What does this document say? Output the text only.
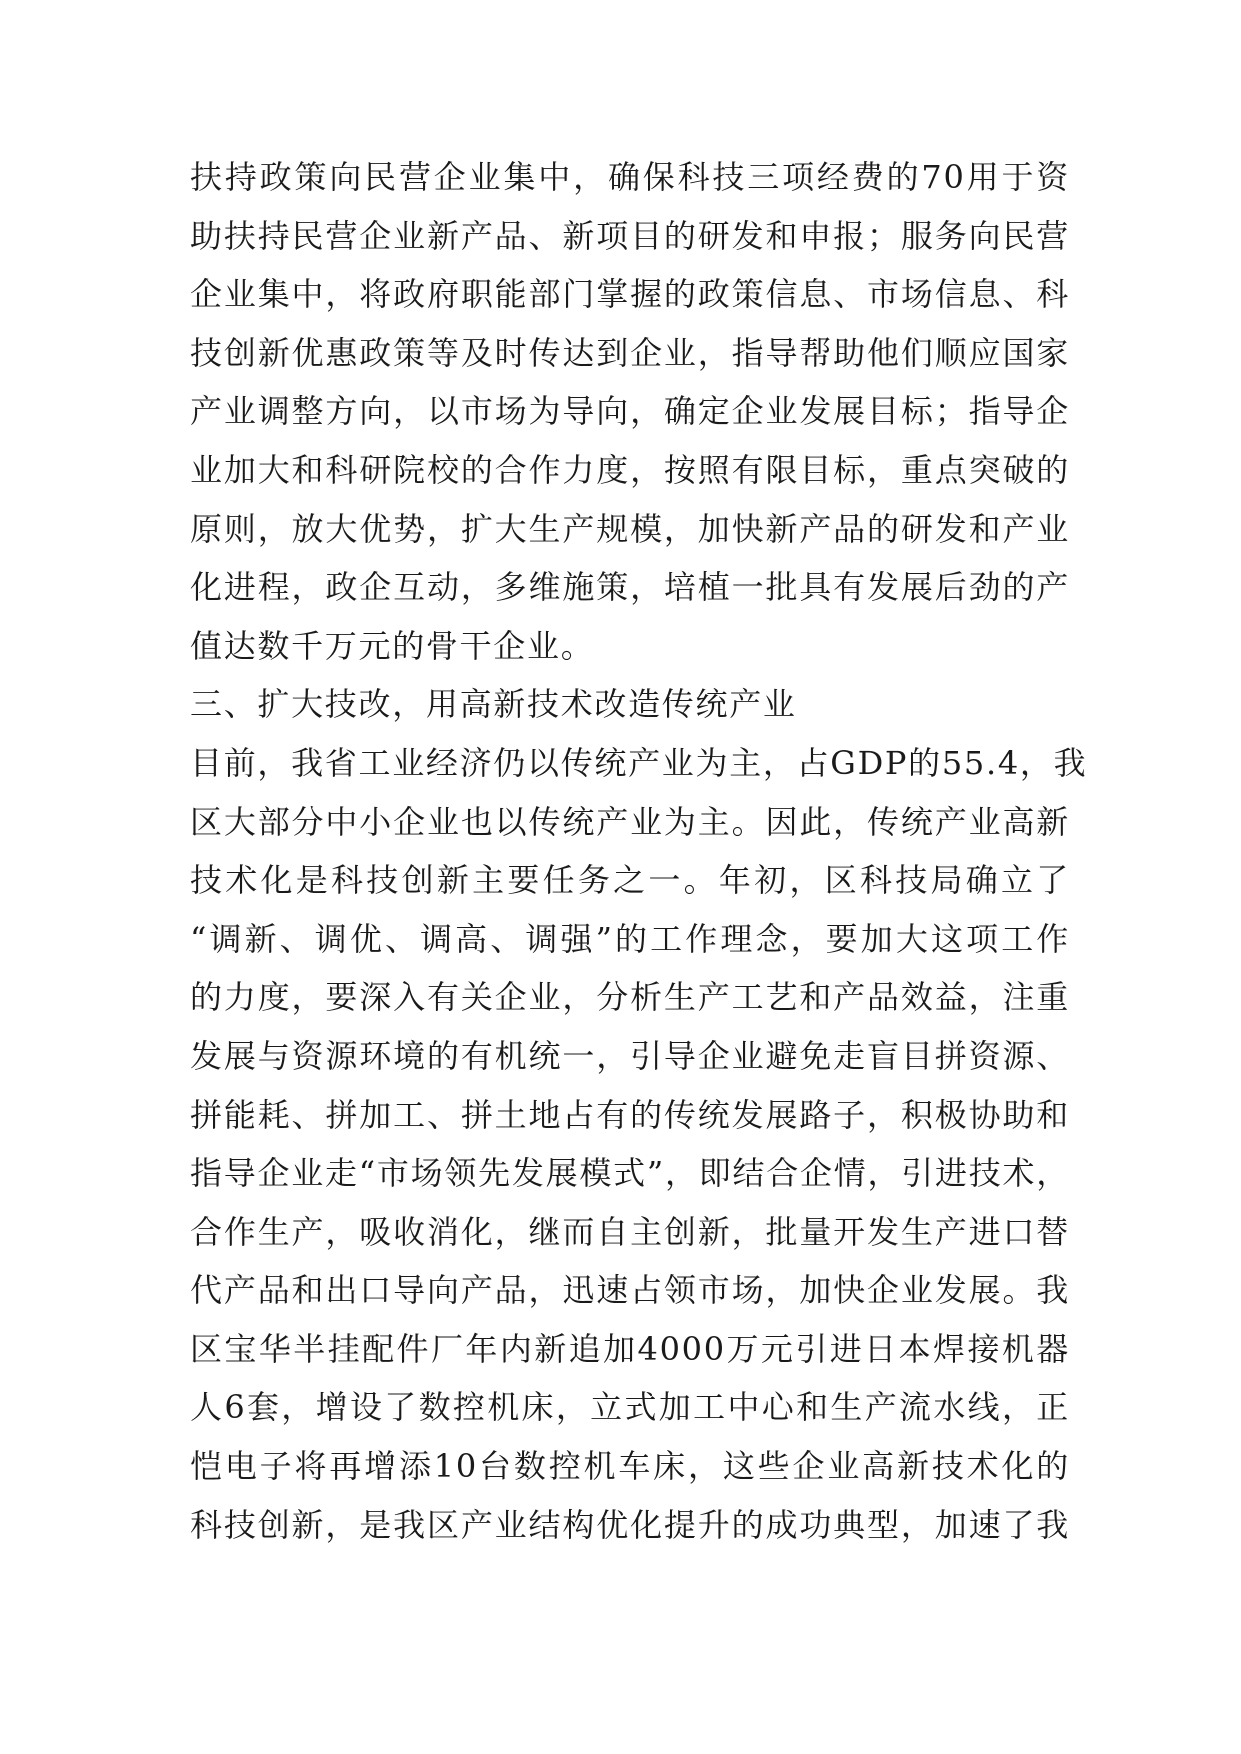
扶持政策向民营企业集中，确保科技三项经费的70用于资
助扶持民营企业新产品、新项目的研发和申报；服务向民营
企业集中，将政府职能部门掌握的政策信息、市场信息、科
技创新优惠政策等及时传达到企业，指导帮助他们顺应国家
产业调整方向，以市场为导向，确定企业发展目标；指导企
业加大和科研院校的合作力度，按照有限目标，重点突破的
原则，放大优势，扩大生产规模，加快新产品的研发和产业
化进程，政企互动，多维施策，培植一批具有发展后劲的产
值达数千万元的骨干企业。
三、扩大技改，用高新技术改造传统产业
目前，我省工业经济仍以传统产业为主，占GDP的55.4，我
区大部分中小企业也以传统产业为主。因此，传统产业高新
技术化是科技创新主要任务之一。年初，区科技局确立了
“调新、调优、调高、调强”的工作理念，要加大这项工作
的力度，要深入有关企业，分析生产工艺和产品效益，注重
发展与资源环境的有机统一，引导企业避免走盲目拼资源、
拼能耗、拼加工、拼土地占有的传统发展路子，积极协助和
指导企业走“市场领先发展模式”，即结合企情，引进技术，
合作生产，吸收消化，继而自主创新，批量开发生产进口替
代产品和出口导向产品，迅速占领市场，加快企业发展。我
区宝华半挂配件厂年内新追加4000万元引进日本焊接机器
人6套，增设了数控机床，立式加工中心和生产流水线，正
恺电子将再增添10台数控机车床，这些企业高新技术化的
科技创新，是我区产业结构优化提升的成功典型，加速了我
